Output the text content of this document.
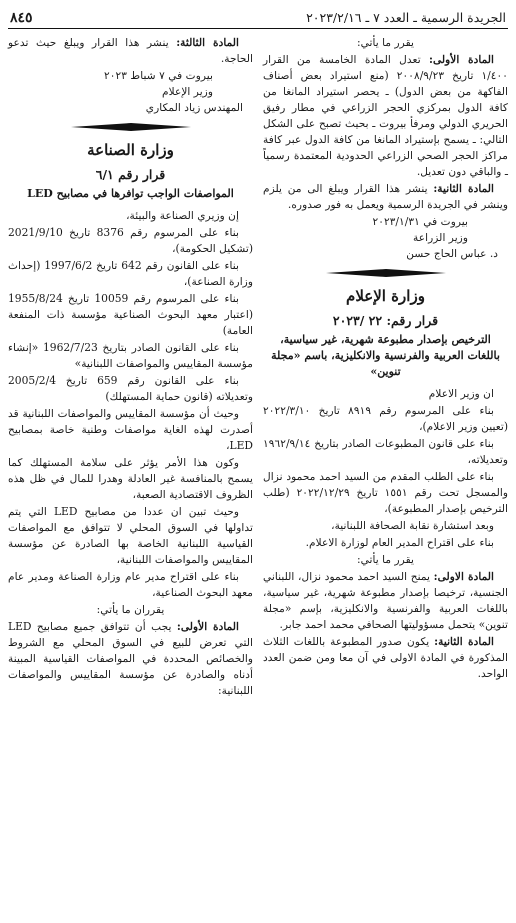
الجريدة الرسمية ـ العدد ٧ ـ ٢٠٢٣/٢/١٦
٨٤٥

يقرر ما يأتي:

المادة الأولى: تعدل المادة الخامسة من القرار ١/٤٠٠ تاريخ ٢٠٠٨/٩/٢٣ (منع استيراد بعض أصناف الفاكهة من بعض الدول) ـ يحصر استيراد المانغا من كافة الدول بمركزي الحجر الزراعي في مطار رفيق الحريري الدولي ومرفأ بيروت ـ بحيث تصبح على الشكل التالي: ـ يسمح بإستيراد المانغا من كافة الدول عبر كافة مراكز الحجر الصحي الزراعي الحدودية المعتمدة رسمياً ـ والباقي دون تعديل.

المادة الثانية: ينشر هذا القرار ويبلغ الى من يلزم وينشر في الجريدة الرسمية ويعمل به فور صدوره.

بيروت في ٢٠٢٣/١/٣١

وزير الزراعة

د. عباس الحاج حسن

وزارة الإعلام
قرار رقم: ٢٢ /٢٠٢٣
الترخيص بإصدار مطبوعة شهرية، غير سياسية، باللغات العربية والفرنسية والانكليزية، باسم «مجلة تنوين»

ان وزير الاعلام

بناء على المرسوم رقم ٨٩١٩ تاريخ ٢٠٢٢/٣/١٠ (تعيين وزير الاعلام)،

بناء على قانون المطبوعات الصادر بتاريخ ١٩٦٢/٩/١٤ وتعديلاته،

بناء على الطلب المقدم من السيد احمد محمود نزال والمسجل تحت رقم ١٥٥١ تاريخ ٢٠٢٢/١٢/٢٩ (طلب الترخيص بإصدار المطبوعة)،

وبعد استشارة نقابة الصحافة اللبنانية،

بناء على اقتراح المدير العام لوزارة الاعلام.

يقرر ما يأتي:

المادة الاولى: يمنح السيد احمد محمود نزال، اللبناني الجنسية، ترخيصا بإصدار مطبوعة شهرية، غير سياسية، باللغات العربية والفرنسية والانكليزية، بإسم «مجلة تنوين» يتحمل مسؤوليتها الصحافي محمد احمد جابر.

المادة الثانية: يكون صدور المطبوعة باللغات الثلاث المذكورة في المادة الاولى في آن معا ومن ضمن العدد الواحد.

المادة الثالثة: ينشر هذا القرار ويبلغ حيث تدعو الحاجة.

بيروت في ٧ شباط ٢٠٢٣

وزير الإعلام

المهندس زياد المكاري

وزارة الصناعة
قرار رقم ٦/١
المواصفات الواجب توافرها في مصابيح LED

إن وزيري الصناعة والبيئة،

بناء على المرسوم رقم 8376 تاريخ 2021/9/10 (تشكيل الحكومة)،

بناء على القانون رقم 642 تاريخ 1997/6/2 (إحداث وزارة الصناعة)،

بناء على المرسوم رقم 10059 تاريخ 1955/8/24 (اعتبار معهد البحوث الصناعية مؤسسة ذات المنفعة العامة)

بناء على القانون الصادر بتاريخ 1962/7/23 «إنشاء مؤسسة المقاييس والمواصفات اللبنانية»

بناء على القانون رقم 659 تاريخ 2005/2/4 وتعديلاته (قانون حماية المستهلك)

وحيث أن مؤسسة المقاييس والمواصفات اللبنانية قد أصدرت لهذه الغاية مواصفات وطنية خاصة بمصابيح LED،

وكون هذا الأمر يؤثر على سلامة المستهلك كما يسمح بالمنافسة غير العادلة وهدرا للمال في ظل هذه الظروف الاقتصادية الصعبة،

وحيث تبين ان عددا من مصابيح LED التي يتم تداولها في السوق المحلي لا تتوافق مع المواصفات القياسية اللبنانية الخاصة بها الصادرة عن مؤسسة المقاييس والمواصفات اللبنانية،

بناء على اقتراح مدير عام وزارة الصناعة ومدير عام معهد البحوث الصناعية،

يقرران ما يأتي:

المادة الأولى: يجب أن تتوافق جميع مصابيح LED التي تعرض للبيع في السوق المحلي مع الشروط والخصائص المحددة في المواصفات القياسية المبينة أدناه والصادرة عن مؤسسة المقاييس والمواصفات اللبنانية:
